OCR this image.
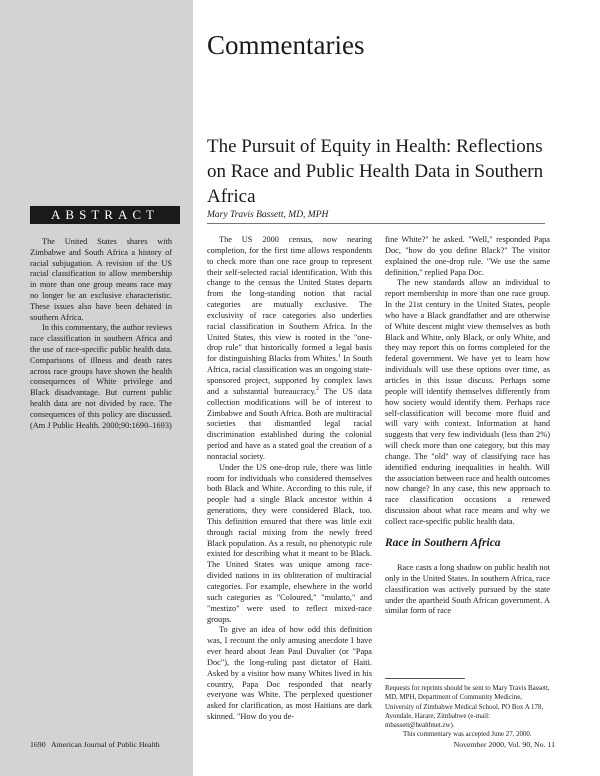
Commentaries
The Pursuit of Equity in Health: Reflections on Race and Public Health Data in Southern Africa
Mary Travis Bassett, MD, MPH
ABSTRACT

The United States shares with Zimbabwe and South Africa a history of racial subjugation. A revision of the US racial classification to allow membership in more than one group means race may no longer be an exclusive characteristic. These issues also have been debated in southern Africa.

In this commentary, the author reviews race classification in southern Africa and the use of race-specific public health data. Comparisons of illness and death rates across race groups have shown the health consequences of White privilege and Black disadvantage. But current public health data are not divided by race. The consequences of this policy are discussed. (Am J Public Health. 2000;90:1690–1693)

The US 2000 census, now nearing completion, for the first time allows respondents to check more than one race group to represent their self-selected racial identification. With this change to the census the United States departs from the long-standing notion that racial categories are mutually exclusive. The exclusivity of race categories also underlies racial classification in Southern Africa. In the United States, this view is rooted in the "one-drop rule" that historically formed a legal basis for distinguishing Blacks from Whites.$^1$ In South Africa, racial classification was an ongoing state-sponsored project, supported by complex laws and a substantial bureaucracy.$^2$ The US data collection modifications will be of interest to Zimbabwe and South Africa. Both are multiracial societies that dismantled legal racial discrimination established during the colonial period and have as a stated goal the creation of a nonracial society.

Under the US one-drop rule, there was little room for individuals who considered themselves both Black and White. According to this rule, if people had a single Black ancestor within 4 generations, they were considered Black, too. This definition ensured that there was little exit through racial mixing from the newly freed Black population. As a result, no phenotypic rule existed for describing what it meant to be Black. The United States was unique among race-divided nations in its obliteration of multiracial categories. For example, elsewhere in the world such categories as "Coloured," "mulatto," and "mestizo" were used to reflect mixed-race groups.

To give an idea of how odd this definition was, I recount the only amusing anecdote I have ever heard about Jean Paul Duvalier (or "Papa Doc"), the long-ruling past dictator of Haiti. Asked by a visitor how many Whites lived in his country, Papa Doc responded that nearly everyone was White. The perplexed questioner asked for clarification, as most Haitians are dark skinned. "How do you de-

fine White?" he asked. "Well," responded Papa Doc, "how do you define Black?" The visitor explained the one-drop rule. "We use the same definition," replied Papa Doc.

The new standards allow an individual to report membership in more than one race group. In the 21st century in the United States, people who have a Black grandfather and are otherwise of White descent might view themselves as both Black and White, only Black, or only White, and they may report this on forms completed for the federal government. We have yet to learn how individuals will use these options over time, as articles in this issue discuss. Perhaps some people will identify themselves differently from how society would identify them. Perhaps race self-classification will become more fluid and will vary with context. Information at hand suggests that very few individuals (less than 2%) will check more than one category, but this may change. The "old" way of classifying race has identified enduring inequalities in health. Will the association between race and health outcomes now change? In any case, this new approach to race classification occasions a renewed discussion about what race means and why we collect race-specific public health data.

Race in Southern Africa

Race casts a long shadow on public health not only in the United States. In southern Africa, race classification was actively pursued by the state under the apartheid South African government. A similar form of race

Requests for reprints should be sent to Mary Travis Bassett, MD, MPH, Department of Community Medicine, University of Zimbabwe Medical School, PO Box A 178, Avondale, Harare, Zimbabwe (e-mail: mbassett@healthnet.zw).

This commentary was accepted June 27, 2000.

1690   American Journal of Public Health	November 2000, Vol. 90, No. 11
